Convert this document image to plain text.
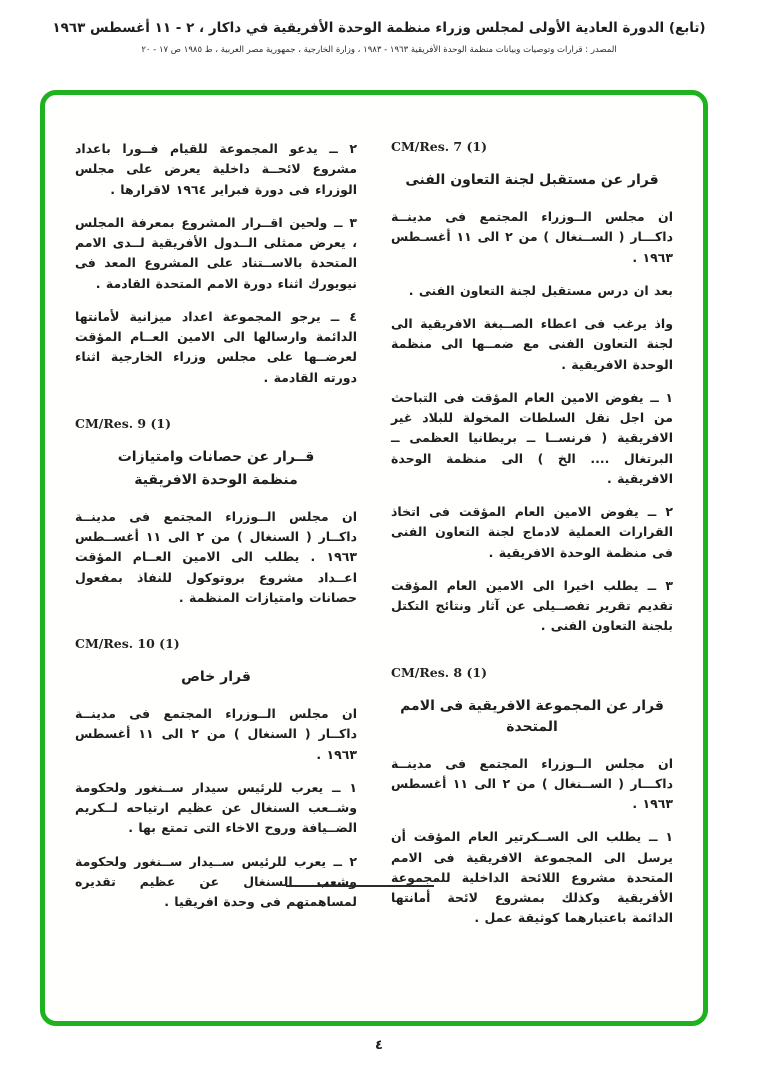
(تابع) الدورة العادية الأولى لمجلس وزراء منظمة الوحدة الأفريقية في داكار ، ٢ - ١١ أغسطس ١٩٦٣
المصدر : قرارات وتوصيات وبيانات منظمة الوحدة الأفريقية ١٩٦٣ - ١٩٨٣ ، وزارة الخارجية ، جمهورية مصر العربية ، ط ١٩٨٥ ص ١٧ - ٢٠
CM/Res. 7 (1)
قرار عن مستقبل لجنة التعاون الفنى

ان مجلس الــوزراء المجتمع فى مدينــة داكـــار ( الســنغال ) من ٢ الى ١١ أغسـطس ١٩٦٣ .

بعد ان درس مستقبل لجنة التعاون الفنى .

واذ يرغب فى اعطاء الصــبغة الافريقية الى لجنة التعاون الفنى مع ضمــها الى منظمة الوحدة الافريقية .

١ ــ يفوض الامين العام المؤقت فى التباحث من اجل نقل السلطات المخولة للبلاد غير الافريقية ( فرنســا ــ بريطانيا العظمى ــ البرتغال .... الخ ) الى منظمة الوحدة الافريقية .

٢ ــ يفوض الامين العام المؤقت فى اتخاذ القرارات العملية لادماج لجنة التعاون الفنى فى منظمة الوحدة الافريقية .

٣ ــ يطلب اخيرا الى الامين العام المؤقت تقديم تقرير تفصــيلى عن آثار ونتائج التكتل بلجنة التعاون الفنى .

CM/Res. 8 (1)
قرار عن المجموعة الافريقية فى الامم المتحدة

ان مجلس الــوزراء المجتمع فى مدينــة داكـــار ( الســنغال ) من ٢ الى ١١ أغسطس ١٩٦٣ .

١ ــ يطلب الى الســكرتير العام المؤقت أن يرسل الى المجموعة الافريقية فى الامم المتحدة مشروع اللائحة الداخلية للمجموعة الأفريقية وكذلك بمشروع لائحة أمانتها الدائمة باعتبارهما كوثيقة عمل .

٢ ــ يدعو المجموعة للقيام فــورا باعداد مشروع لائحــة داخلية يعرض على مجلس الوزراء فى دورة فبراير ١٩٦٤ لاقرارها .

٣ ــ ولحين اقــرار المشروع بمعرفة المجلس ، يعرض ممثلى الــدول الأفريقية لــدى الامم المتحدة بالاســتناد على المشروع المعد فى نيويورك اثناء دورة الامم المتحدة القادمة .

٤ ــ يرجو المجموعة اعداد ميزانية لأمانتها الدائمة وارسالها الى الامين العــام المؤقت لعرضــها على مجلس وزراء الخارجية اثناء دورته القادمة .

CM/Res. 9 (1)
قــرار عن حصانات وامتيازات
منظمة الوحدة الافريقية

ان مجلس الــوزراء المجتمع فى مدينــة داكــار ( السنغال ) من ٢ الى ١١ أغســطس ١٩٦٣ . يطلب الى الامين العــام المؤقت اعــداد مشروع بروتوكول للنفاذ بمفعول حصانات وامتيازات المنظمة .

CM/Res. 10 (1)
قرار خاص

ان مجلس الــوزراء المجتمع فى مدينــة داكــار ( السنغال ) من ٢ الى ١١ أغسطس ١٩٦٣ .

١ ــ يعرب للرئيس سيدار ســنغور ولحكومة وشــعب السنغال عن عظيم ارتياحه لــكريم الضــيافة وروح الاخاء التى تمتع بها .

٢ ــ يعرب للرئيس ســيدار ســنغور ولحكومة وشعب السنغال عن عظيم تقديره لمساهمتهم فى وحدة افريقيا .

٤
